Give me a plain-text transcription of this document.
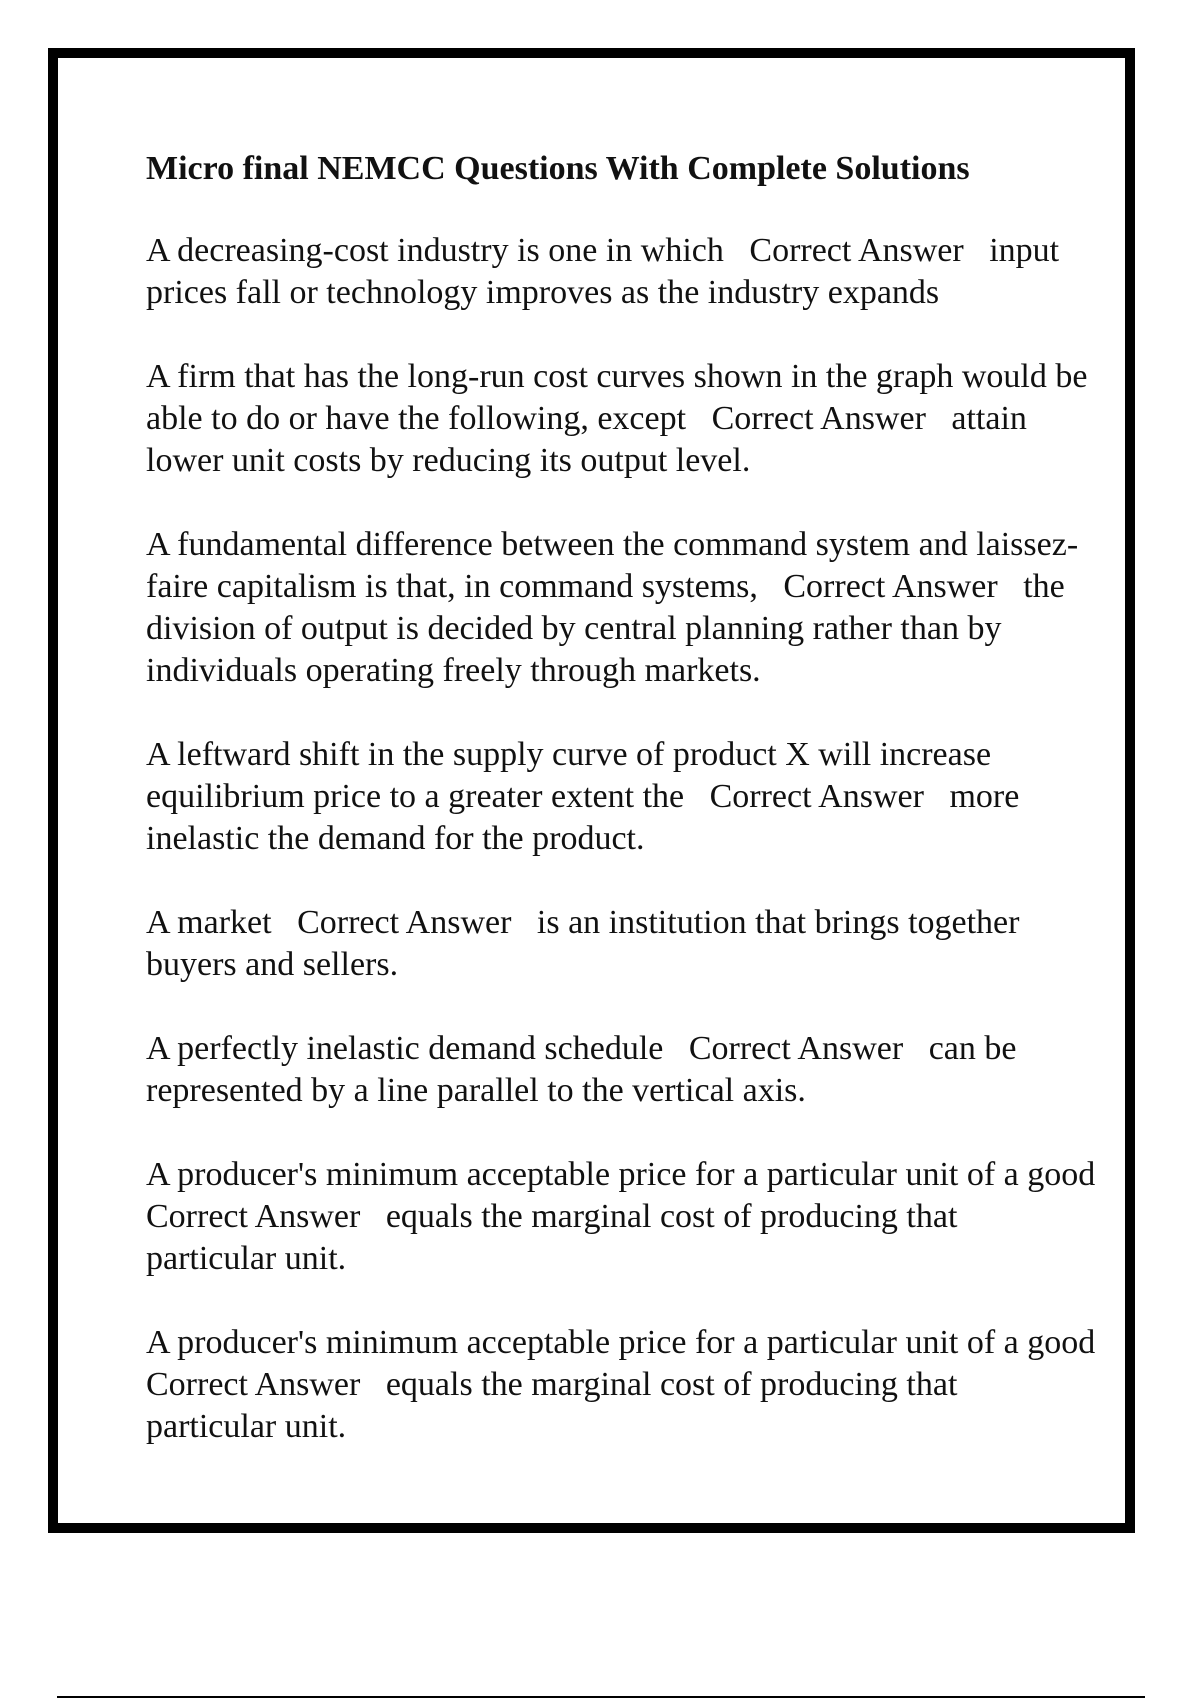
Micro final NEMCC Questions With Complete Solutions

A decreasing-cost industry is one in which Correct Answer input prices fall or technology improves as the industry expands

A firm that has the long-run cost curves shown in the graph would be able to do or have the following, except Correct Answer attain lower unit costs by reducing its output level.

A fundamental difference between the command system and laissez-faire capitalism is that, in command systems, Correct Answer the division of output is decided by central planning rather than by individuals operating freely through markets.

A leftward shift in the supply curve of product X will increase equilibrium price to a greater extent the Correct Answer more inelastic the demand for the product.

A market Correct Answer is an institution that brings together buyers and sellers.

A perfectly inelastic demand schedule Correct Answer can be represented by a line parallel to the vertical axis.

A producer's minimum acceptable price for a particular unit of a good   Correct Answer equals the marginal cost of producing that particular unit.

A producer's minimum acceptable price for a particular unit of a good   Correct Answer equals the marginal cost of producing that particular unit.
